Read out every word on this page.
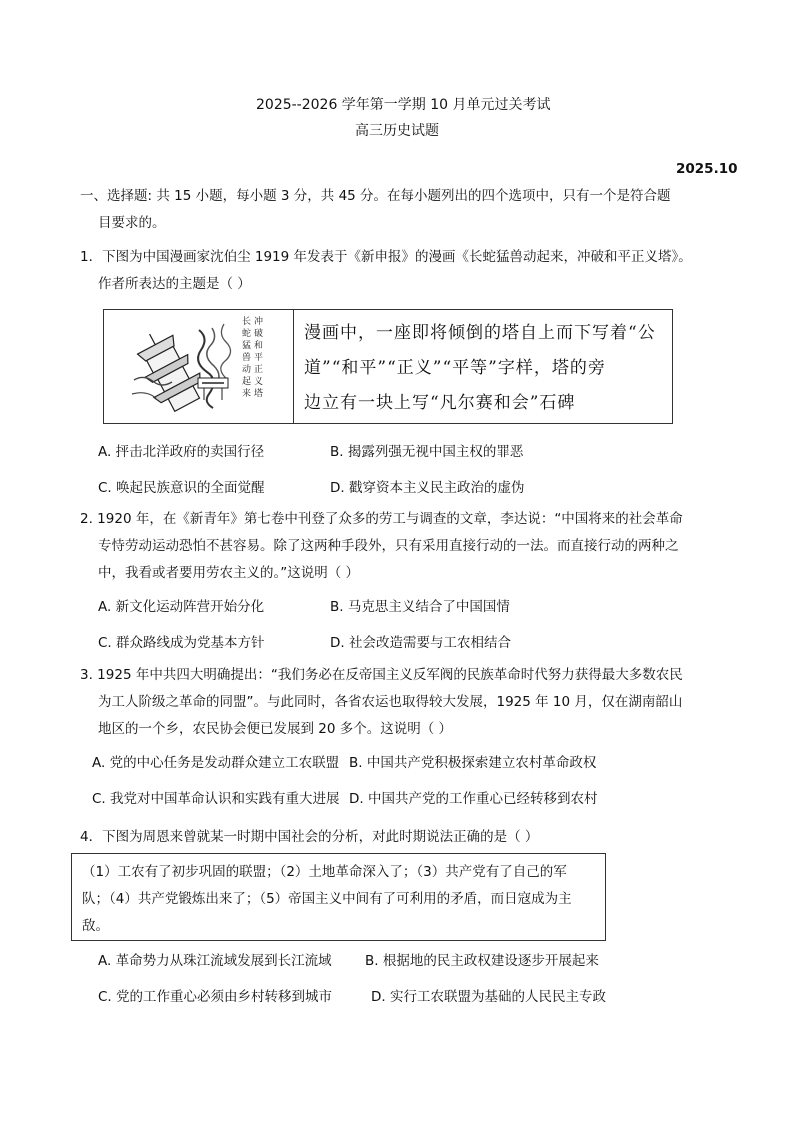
2025--2026 学年第一学期 10 月单元过关考试
高三历史试题
2025.10
一、选择题: 共 15 小题，每小题 3 分，共 45 分。在每小题列出的四个选项中，只有一个是符合题
目要求的。
1．下图为中国漫画家沈伯尘 1919 年发表于《新申报》的漫画《长蛇猛兽动起来，冲破和平正义塔》。
作者所表达的主题是（ ）
长
蛇
猛
兽
动
起
来
冲
破
和
平
正
义
塔
漫画中，一座即将倾倒的塔自上而下写着“公
道”“和平”“正义”“平等”字样，塔的旁
边立有一块上写“凡尔赛和会”石碑
A. 抨击北洋政府的卖国行径	B. 揭露列强无视中国主权的罪恶
C. 唤起民族意识的全面觉醒	D. 戳穿资本主义民主政治的虚伪
2. 1920 年，在《新青年》第七卷中刊登了众多的劳工与调查的文章，李达说：“中国将来的社会革命
专恃劳动运动恐怕不甚容易。除了这两种手段外，只有采用直接行动的一法。而直接行动的两种之
中，我看或者要用劳农主义的。”这说明（ ）
A. 新文化运动阵营开始分化	B. 马克思主义结合了中国国情
C. 群众路线成为党基本方针	D. 社会改造需要与工农相结合
3. 1925 年中共四大明确提出：“我们务必在反帝国主义反军阀的民族革命时代努力获得最大多数农民
为工人阶级之革命的同盟”。与此同时，各省农运也取得较大发展，1925 年 10 月，仅在湖南韶山
地区的一个乡，农民协会便已发展到 20 多个。这说明（ ）
A. 党的中心任务是发动群众建立工农联盟 B. 中国共产党积极探索建立农村革命政权
C. 我党对中国革命认识和实践有重大进展 D. 中国共产党的工作重心已经转移到农村
4．下图为周恩来曾就某一时期中国社会的分析，对此时期说法正确的是（ ）
（1）工农有了初步巩固的联盟；（2）土地革命深入了；（3）共产党有了自己的军
队；（4）共产党锻炼出来了；（5）帝国主义中间有了可利用的矛盾，而日寇成为主
敌。
A. 革命势力从珠江流域发展到长江流域 B. 根据地的民主政权建设逐步开展起来
C. 党的工作重心必须由乡村转移到城市	D. 实行工农联盟为基础的人民民主专政
